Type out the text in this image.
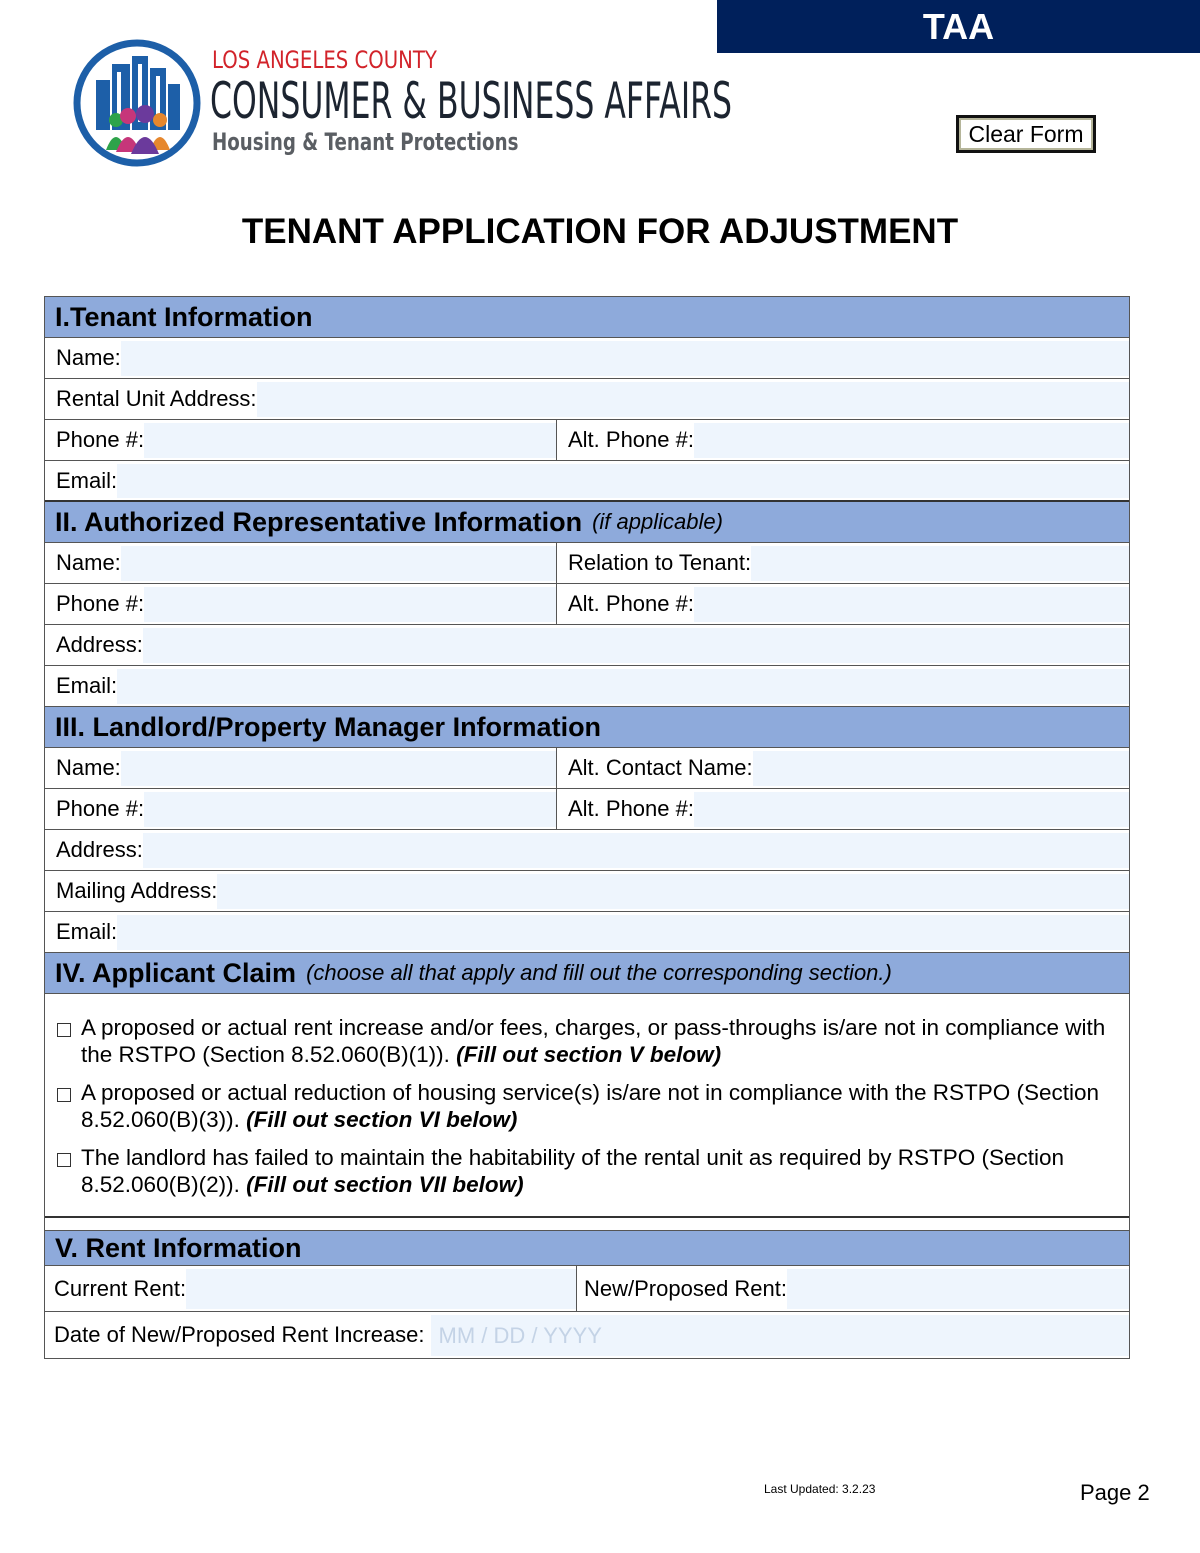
TAA
LOS ANGELES COUNTY
CONSUMER & BUSINESS AFFAIRS
Housing & Tenant Protections	Clear Form
TENANT APPLICATION FOR ADJUSTMENT
I.Tenant Information
Name:
Rental Unit Address:
Phone #:	Alt. Phone #:
Email:
II. Authorized Representative Information (if applicable)
Name:	Relation to Tenant:
Phone #:	Alt. Phone #:
Address:
Email:
III. Landlord/Property Manager Information
Name:	Alt. Contact Name:
Phone #:	Alt. Phone #:
Address:
Mailing Address:
Email:
IV. Applicant Claim (choose all that apply and fill out the corresponding section.)
A proposed or actual rent increase and/or fees, charges, or pass-throughs is/are not in compliance with the RSTPO (Section 8.52.060(B)(1)). (Fill out section V below)
A proposed or actual reduction of housing service(s) is/are not in compliance with the RSTPO (Section 8.52.060(B)(3)). (Fill out section VI below)
The landlord has failed to maintain the habitability of the rental unit as required by RSTPO (Section 8.52.060(B)(2)). (Fill out section VII below)
V. Rent Information
Current Rent:	New/Proposed Rent:
Date of New/Proposed Rent Increase:
MM / DD / YYYY
Last Updated: 3.2.23	Page 2
